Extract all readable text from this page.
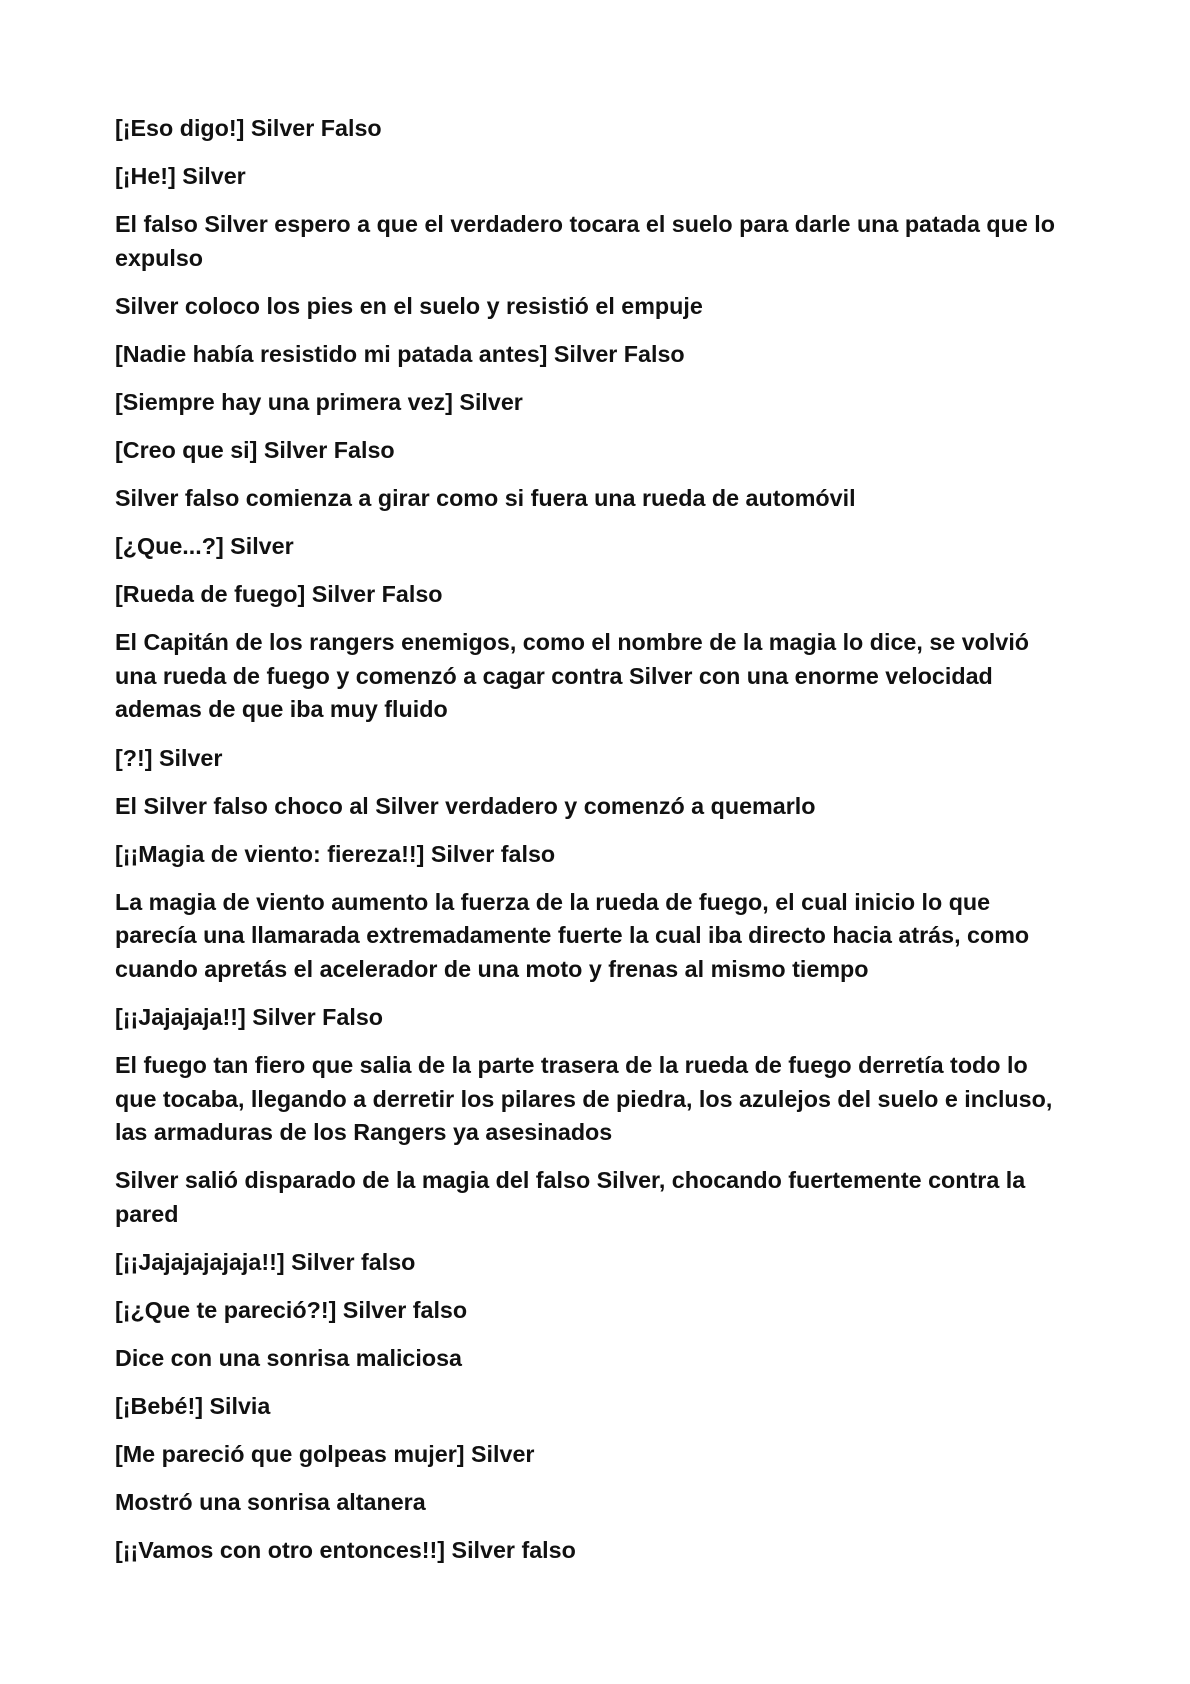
[¡Eso digo!] Silver Falso

[¡He!] Silver

El falso Silver espero a que el verdadero tocara el suelo para darle una patada que lo expulso

Silver coloco los pies en el suelo y resistió el empuje

[Nadie había resistido mi patada antes] Silver Falso

[Siempre hay una primera vez] Silver

[Creo que si] Silver Falso

Silver falso comienza a girar como si fuera una rueda de automóvil

[¿Que...?] Silver

[Rueda de fuego] Silver Falso

El Capitán de los rangers enemigos, como el nombre de la magia lo dice, se volvió una rueda de fuego y comenzó a cagar contra Silver con una enorme velocidad ademas de que iba muy fluido

[?!] Silver

El Silver falso choco al Silver verdadero y comenzó a quemarlo

[¡¡Magia de viento: fiereza!!] Silver falso

La magia de viento aumento la fuerza de la rueda de fuego, el cual inicio lo que parecía una llamarada extremadamente fuerte la cual iba directo hacia atrás, como cuando apretás el acelerador de una moto y frenas al mismo tiempo

[¡¡Jajajaja!!] Silver Falso

El fuego tan fiero que salia de la parte trasera de la rueda de fuego derretía todo lo que tocaba, llegando a derretir los pilares de piedra, los azulejos del suelo e incluso, las armaduras de los Rangers ya asesinados

Silver salió disparado de la magia del falso Silver, chocando fuertemente contra la pared

[¡¡Jajajajajaja!!] Silver falso

[¡¿Que te pareció?!] Silver falso

Dice con una sonrisa maliciosa

[¡Bebé!] Silvia

[Me pareció que golpeas mujer] Silver

Mostró una sonrisa altanera

[¡¡Vamos con otro entonces!!] Silver falso
